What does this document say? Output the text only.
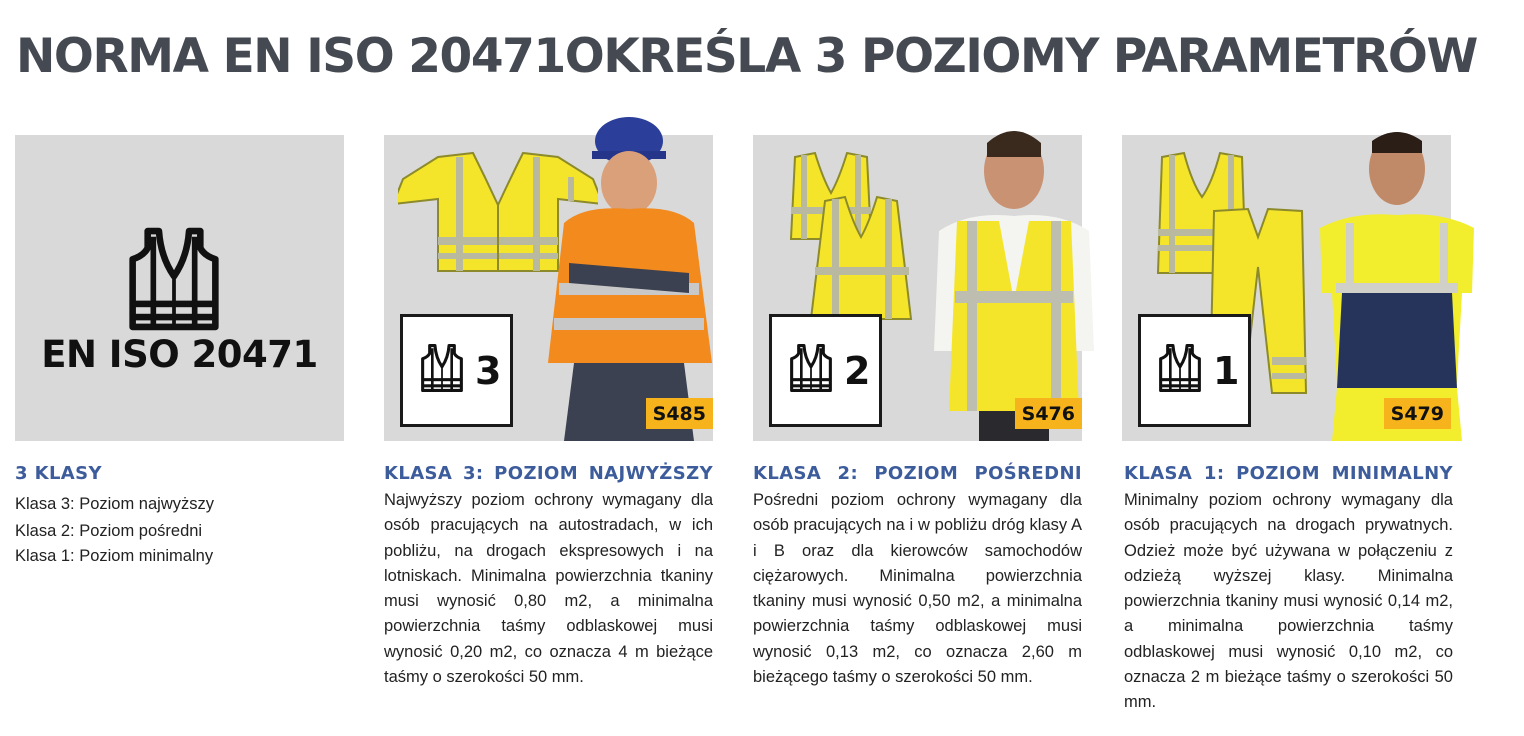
NORMA EN ISO 20471OKREŚLA 3 POZIOMY PARAMETRÓW
EN ISO 20471	3
S485
2
S476
1
S479
3 KLASY
Klasa 3: Poziom najwyższy
Klasa 2: Poziom pośredni
Klasa 1: Poziom minimalny
KLASA 3: POZIOM NAJWYŻSZY
Najwyższy poziom ochrony wymagany dla osób pracujących na autostradach, w ich pobliżu, na drogach ekspresowych i na lotniskach. Minimalna powierzchnia tkaniny musi wynosić 0,80 m2, a minimalna powierzchnia taśmy odblaskowej musi wynosić 0,20 m2, co oznacza 4 m bieżące taśmy o szerokości 50 mm.
KLASA 2: POZIOM POŚREDNI
Pośredni poziom ochrony wymagany dla osób pracujących na i w pobliżu dróg klasy A i B oraz dla kierowców samochodów ciężarowych. Minimalna powierzchnia tkaniny musi wynosić 0,50 m2, a minimalna powierzchnia taśmy odblaskowej musi wynosić 0,13 m2, co oznacza 2,60 m bieżącego taśmy o szerokości 50 mm.
KLASA 1: POZIOM MINIMALNY
Minimalny poziom ochrony wymagany dla osób pracujących na drogach prywatnych. Odzież może być używana w połączeniu z odzieżą wyższej klasy. Minimalna powierzchnia tkaniny musi wynosić 0,14 m2, a minimalna powierzchnia taśmy odblaskowej musi wynosić 0,10 m2, co oznacza 2 m bieżące taśmy o szerokości 50 mm.
